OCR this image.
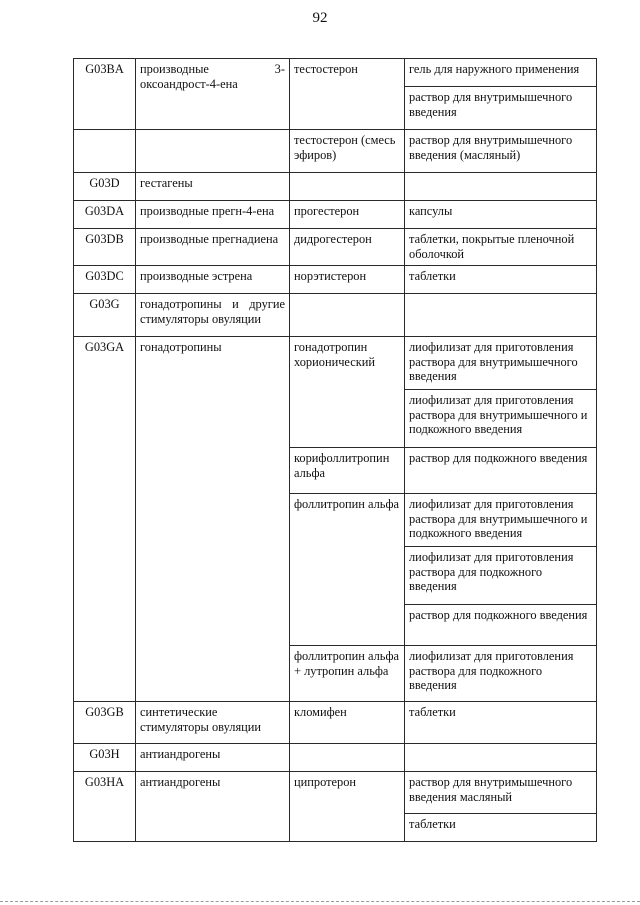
92
G03BA	производные 3-оксоандрост-4-ена	тестостерон	гель для наружного применения
			раствор для внутримышечного введения
		тестостерон (смесь эфиров)	раствор для внутримышечного введения (масляный)
G03D	гестагены		
G03DA	производные прегн-4-ена	прогестерон	капсулы
G03DB	производные прегнадиена	дидрогестерон	таблетки, покрытые пленочной оболочкой
G03DC	производные эстрена	норэтистерон	таблетки
G03G	гонадотропины и другие стимуляторы овуляции		
G03GA	гонадотропины	гонадотропин хорионический	лиофилизат для приготовления раствора для внутримышечного введения
			лиофилизат для приготовления раствора для внутримышечного и подкожного введения
		корифоллитропин альфа	раствор для подкожного введения
		фоллитропин альфа	лиофилизат для приготовления раствора для внутримышечного и подкожного введения
			лиофилизат для приготовления раствора для подкожного введения
			раствор для подкожного введения
		фоллитропин альфа + лутропин альфа	лиофилизат для приготовления раствора для подкожного введения
G03GB	синтетические стимуляторы овуляции	кломифен	таблетки
G03H	антиандрогены		
G03HA	антиандрогены	ципротерон	раствор для внутримышечного введения масляный
			таблетки
